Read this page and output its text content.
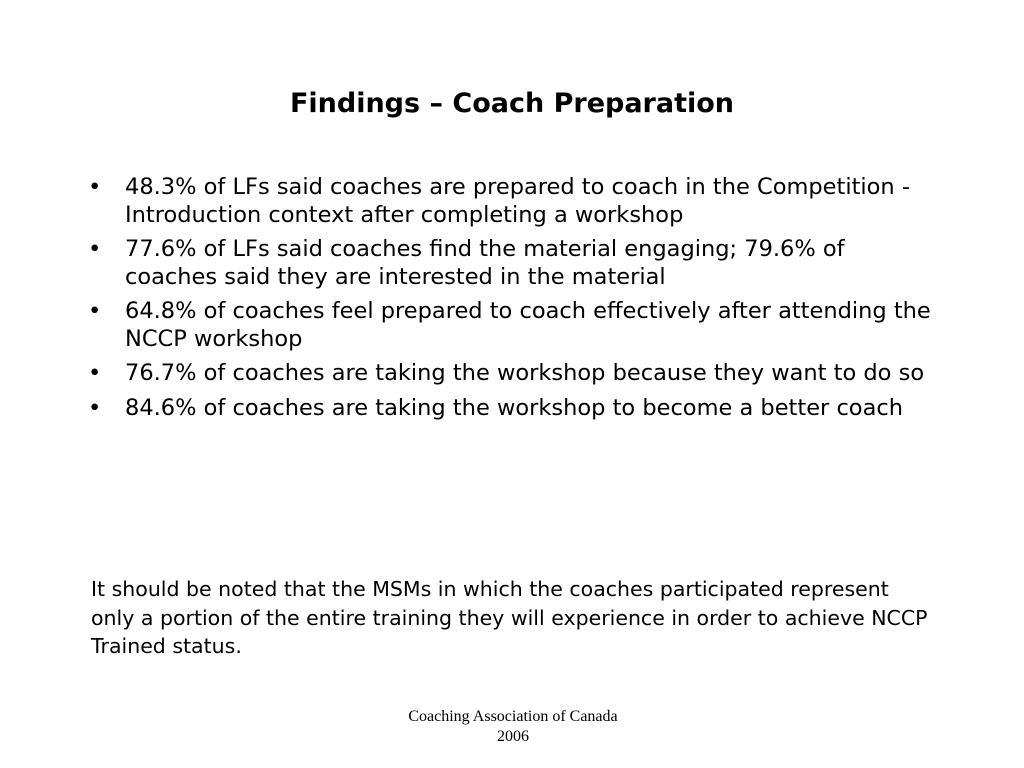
Findings – Coach Preparation
• 48.3% of LFs said coaches are prepared to coach in the Competition - Introduction context after completing a workshop
• 77.6% of LFs said coaches find the material engaging; 79.6% of coaches said they are interested in the material
• 64.8% of coaches feel prepared to coach effectively after attending the NCCP workshop
• 76.7% of coaches are taking the workshop because they want to do so
• 84.6% of coaches are taking the workshop to become a better coach

It should be noted that the MSMs in which the coaches participated represent only a portion of the entire training they will experience in order to achieve NCCP Trained status.

Coaching Association of Canada
2006
